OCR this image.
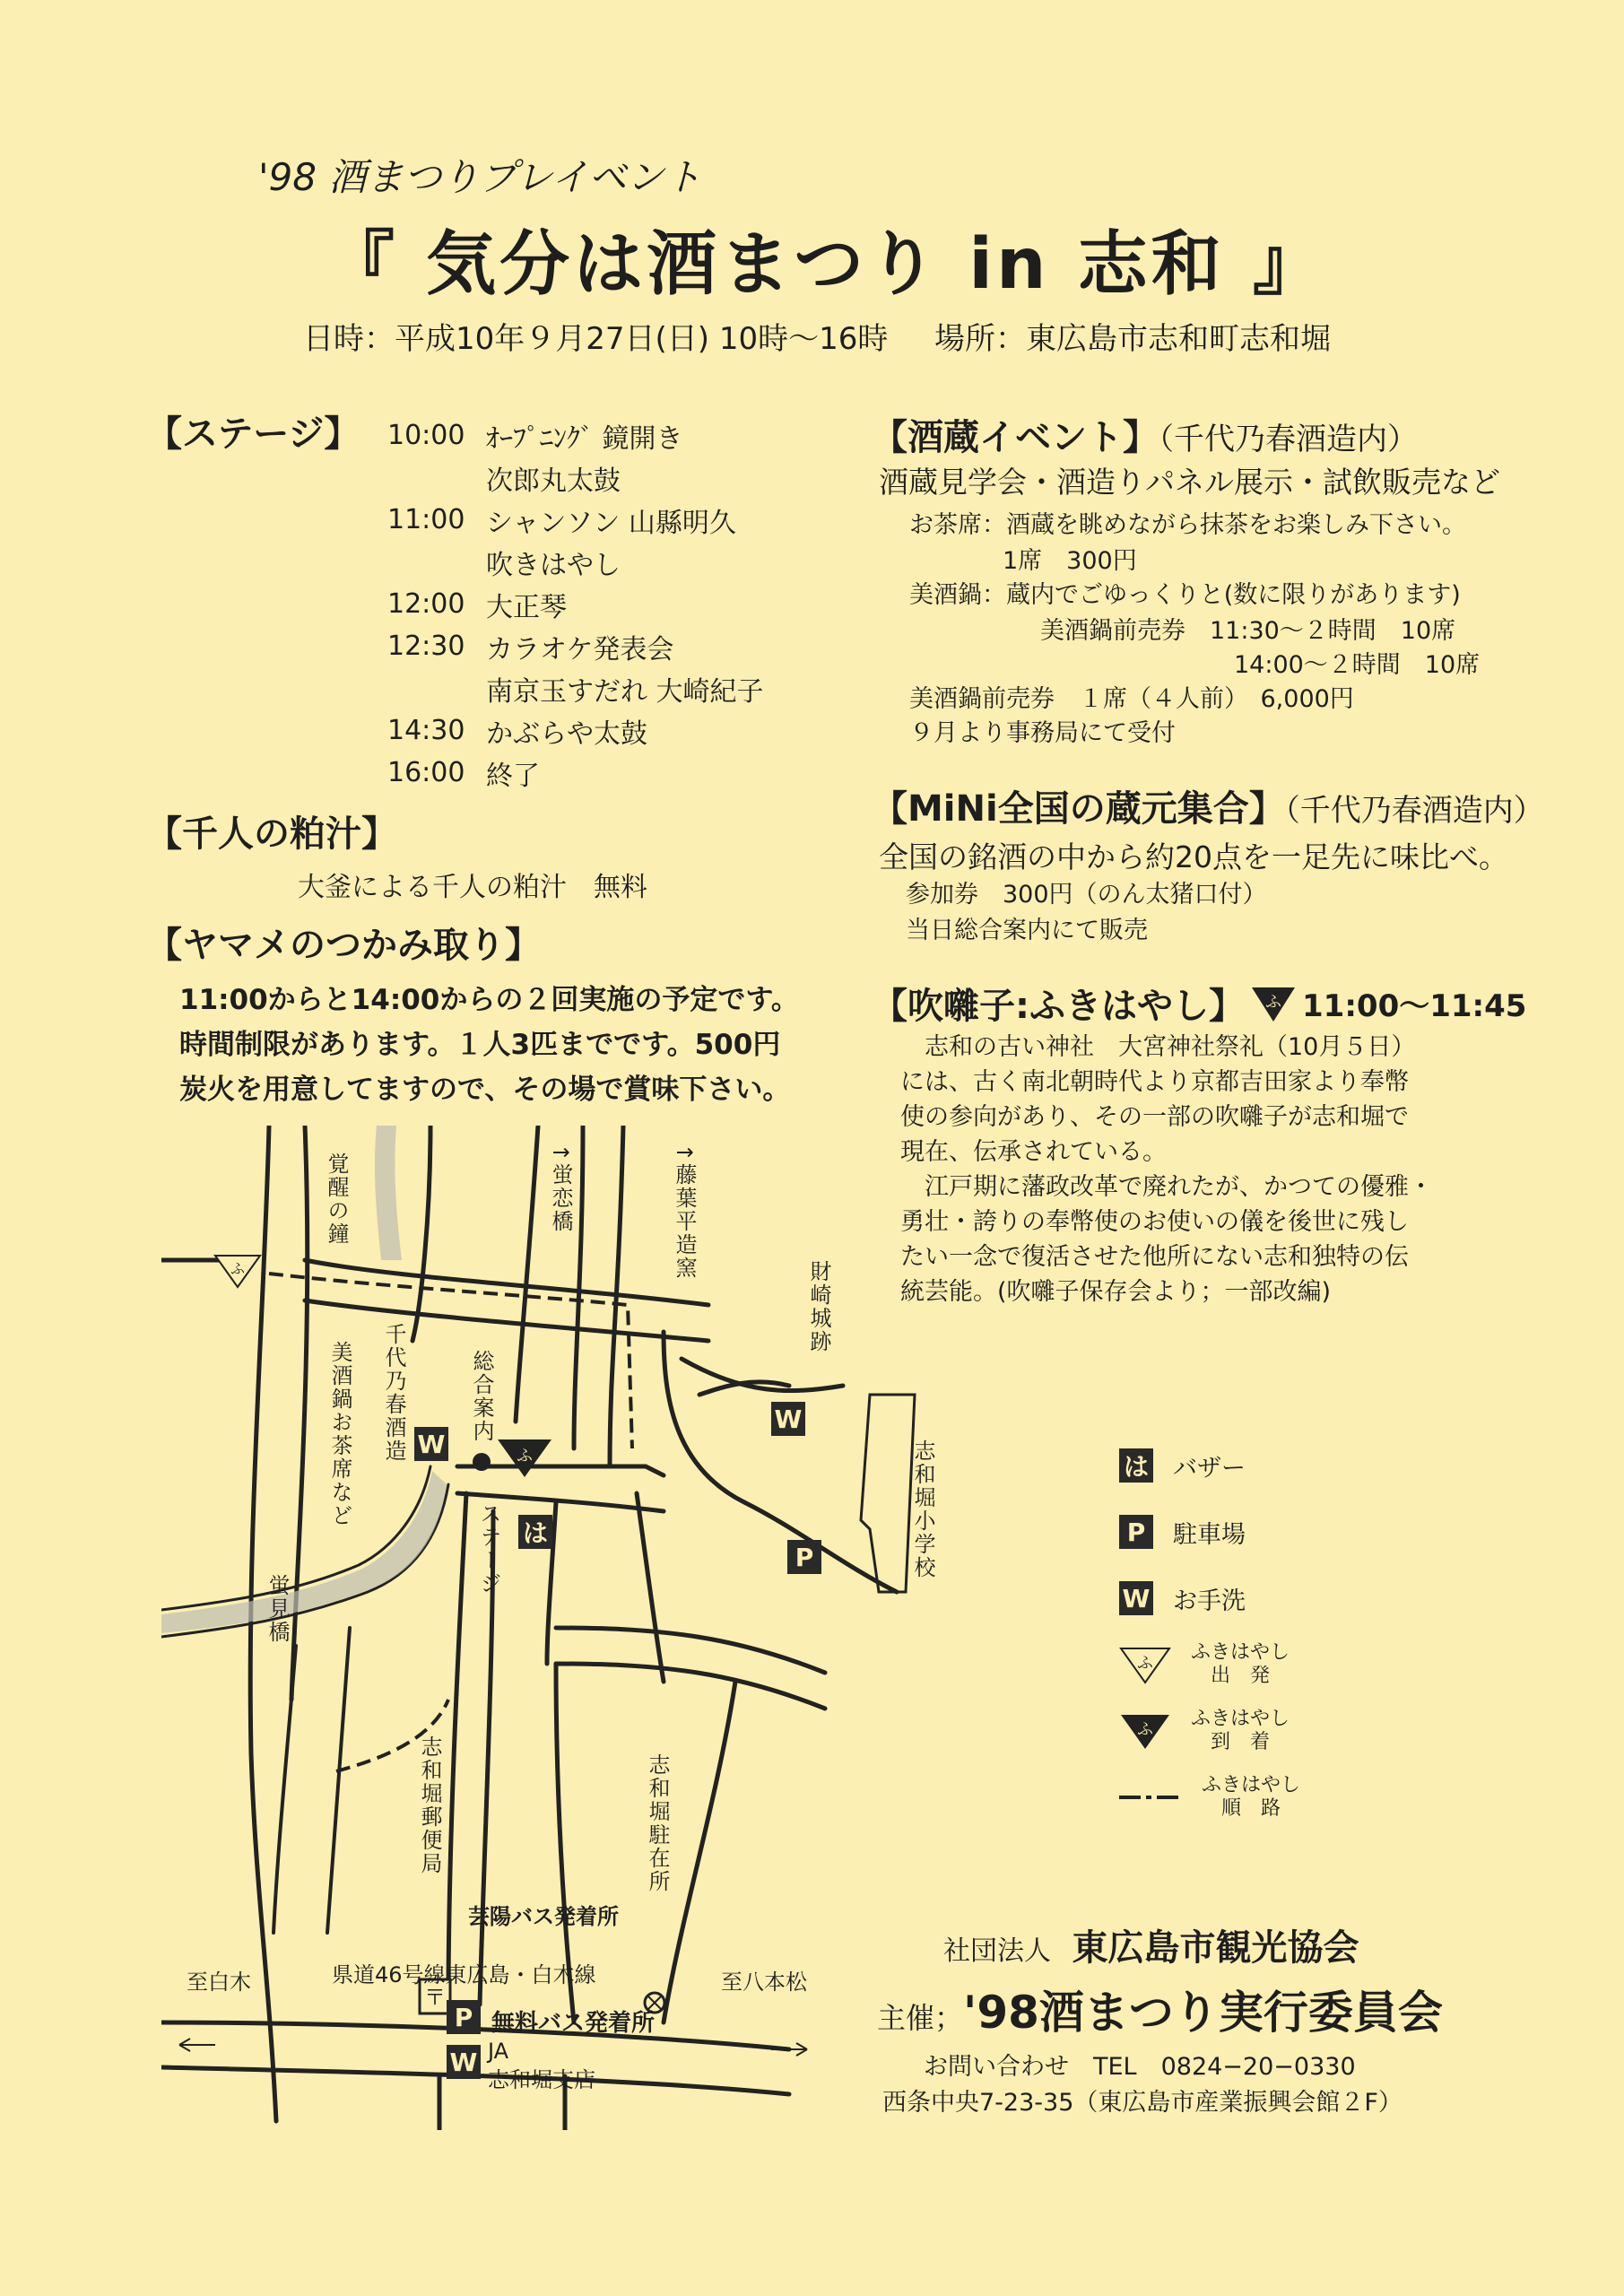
'98 酒まつりプレイベント
『 気分は酒まつり in 志和 』
日時：平成10年９月27日(日) 10時〜16時 場所：東広島市志和町志和堀
【ステージ】 10:00	ｵｰﾌﾟﾆﾝｸﾞ 鏡開き
	次郎丸太鼓
11:00	シャンソン 山縣明久
	吹きはやし
12:00	大正琴
12:30	カラオケ発表会
	南京玉すだれ 大崎紀子
14:30	かぶらや太鼓
16:00	終了
【千人の粕汁】
大釜による千人の粕汁　無料
【ヤマメのつかみ取り】
11:00からと14:00からの２回実施の予定です。
時間制限があります。１人3匹までです。500円
炭火を用意してますので、その場で賞味下さい。
【酒蔵イベント】（千代乃春酒造内）
酒蔵見学会・酒造りパネル展示・試飲販売など
お茶席：酒蔵を眺めながら抹茶をお楽しみ下さい。
1席　300円
美酒鍋：蔵内でごゆっくりと(数に限りがあります)
美酒鍋前売券　11:30〜２時間　10席
14:00〜２時間　10席
美酒鍋前売券　１席（４人前）　6,000円
９月より事務局にて受付
【MiNi全国の蔵元集合】（千代乃春酒造内）
全国の銘酒の中から約20点を一足先に味比べ。
参加券　300円（のん太猪口付）
当日総合案内にて販売
【吹囃子:ふきはやし】 ふ 11:00〜11:45
　志和の古い神社　大宮神社祭礼（10月５日）
には、古く南北朝時代より京都吉田家より奉幣
使の参向があり、その一部の吹囃子が志和堀で
現在、伝承されている。
　江戸期に藩政改革で廃れたが、かつての優雅・
勇壮・誇りの奉幣使のお使いの儀を後世に残し
たい一念で復活させた他所にない志和独特の伝
統芸能。(吹囃子保存会より；一部改編)
ふ
ふ
〒
W
W
は
P
P
W
覚醒の鐘	↑蛍恋橋	↑藤葉平造窯
財崎城跡
美酒鍋お茶席など 千代乃春酒造	総合案内
ステージ
蛍見橋
志和堀小学校
志和堀郵便局	志和堀駐在所
芸陽バス発着所
県道46号線東広島・白木線
至白木	至八本松
無料バス発着所
JA
志和堀支店
は バザー
P	駐車場
W お手洗
ふ ふきはやし
出　発
ふ ふきはやし
到　着
ふきはやし
順　路
社団法人 東広島市観光協会
主催；'98酒まつり実行委員会
お問い合わせ　TEL　0824−20−0330
西条中央7-23-35（東広島市産業振興会館２F）
